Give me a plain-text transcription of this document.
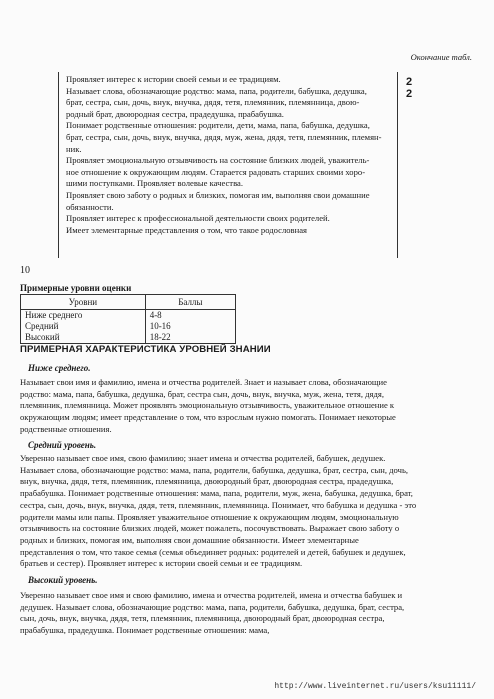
Окончание табл.
Проявляет интерес к истории своей семьи и ее традициям.
Называет слова, обозначающие родство: мама, папа, родители, бабушка, дедушка,
брат, сестра, сын, дочь, внук, внучка, дядя, тетя, племянник, племянница, двою-
родный брат, двоюродная сестра, прадедушка, прабабушка.
Понимает родственные отношения: родители, дети, мама, папа, бабушка, дедушка,
брат, сестра, сын, дочь, внук, внучка, дядя, муж, жена, дядя, тетя, племянник, племян-
ник.
Проявляет эмоциональную отзывчивость на состояние близких людей, уважитель-
ное отношение к окружающим людям. Старается радовать старших своими хоро-
шими поступками. Проявляет волевые качества.
Проявляет свою заботу о родных и близких, помогая им, выполняя свои домашние
обязанности.
Проявляет интерес к профессиональной деятельности своих родителей.
Имеет элементарные представления о том, что такое родословная
2
2
10
Примерные уровни оценки
Уровни	Баллы
Ниже среднего	4-8
Средний	10-16
Высокий	18-22
ПРИМЕРНАЯ ХАРАКТЕРИСТИКА УРОВНЕЙ ЗНАНИИ
Ниже среднего.
Называет свои имя и фамилию, имена и отчества родителей. Знает и называет слова, обозначающие
родство: мама, папа, бабушка, дедушка, брат, сестра сын, дочь, внук, внучка, муж, жена, тетя, дядя,
племянник, племянница. Может проявлять эмоциональную отзывчивость, уважительное отношение к
окружающим людям; имеет представление о том, что взрослым нужно помогать. Понимает некоторые
родственные отношения.
Средний уровень.
Уверенно называет свое имя, свою фамилию; знает имена и отчества родителей, бабушек, дедушек.
Называет слова, обозначающие родство: мама, папа, родители, бабушка, дедушка, брат, сестра, сын, дочь,
внук, внучка, дядя, тетя, племянник, племянница, двоюродный брат, двоюродная сестра, прадедушка,
прабабушка. Понимает родственные отношения: мама, папа, родители, муж, жена, бабушка, дедушка, брат,
сестра, сын, дочь, внук, внучка, дядя, тетя, племянник, племянница. Понимает, что бабушка и дедушка - это
родители мамы или папы. Проявляет уважительное отношение к окружающим людям, эмоциональную
отзывчивость на состояние близких людей, может пожалеть, посочувствовать. Выражает свою заботу о
родных и близких, помогая им, выполняя свои домашние обязанности. Имеет элементарные
представления о том, что такое семья (семья объединяет родных: родителей и детей, бабушек и дедушек,
братьев и сестер). Проявляет интерес к истории своей семьи и ее традициям.
Высокий уровень.
Уверенно называет свое имя и свою фамилию, имена и отчества родителей, имена и отчества бабушек и
дедушек. Называет слова, обозначающие родство: мама, папа, родители, бабушка, дедушка, брат, сестра,
сын, дочь, внук, внучка, дядя, тетя, племянник, племянница, двоюродный брат, двоюродная сестра,
прабабушка, прадедушка. Понимает родственные отношения: мама,
http://www.liveinternet.ru/users/ksu11111/
